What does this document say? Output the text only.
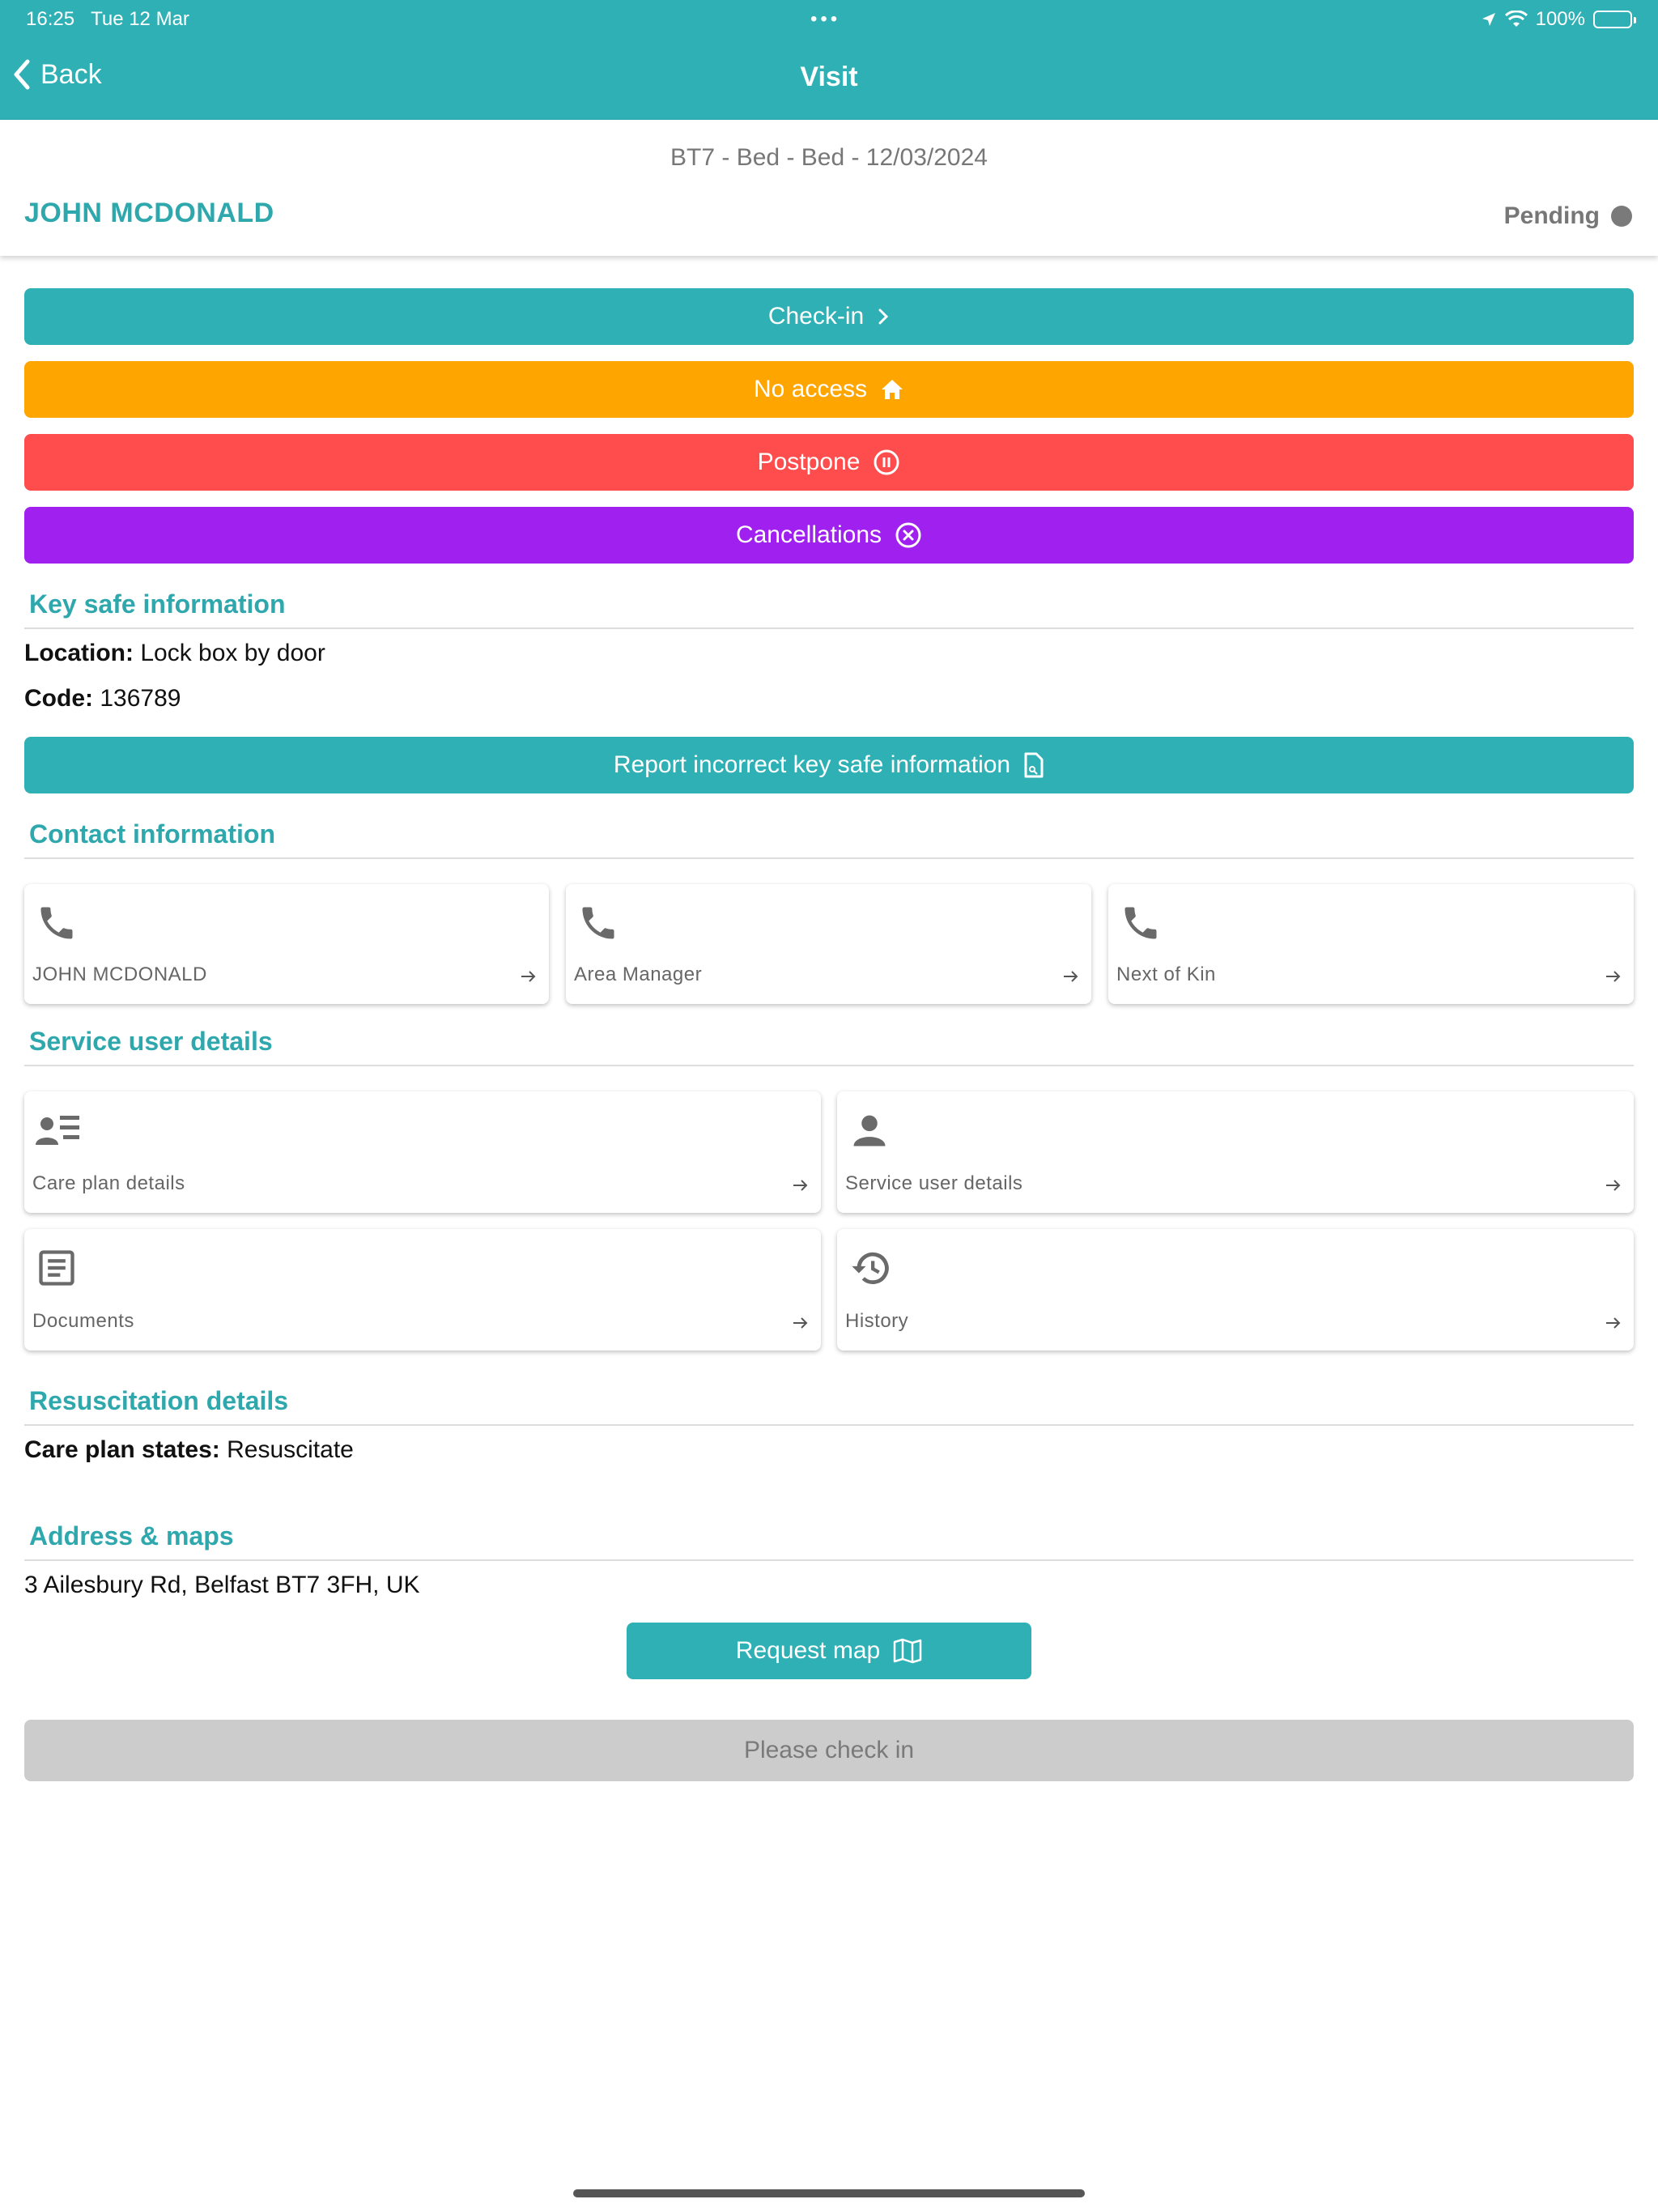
16:25 Tue 12 Mar	•••	100%
Back	Visit
BT7 - Bed - Bed - 12/03/2024
JOHN MCDONALD	Pending
Check-in
No access
Postpone
Cancellations
Key safe information
Location: Lock box by door
Code: 136789
Report incorrect key safe information
Contact information
JOHN MCDONALD	Area Manager	Next of Kin
Service user details
Care plan details	Service user details
Documents	History
Resuscitation details
Care plan states: Resuscitate
Address & maps
3 Ailesbury Rd, Belfast BT7 3FH, UK
Request map
Please check in
